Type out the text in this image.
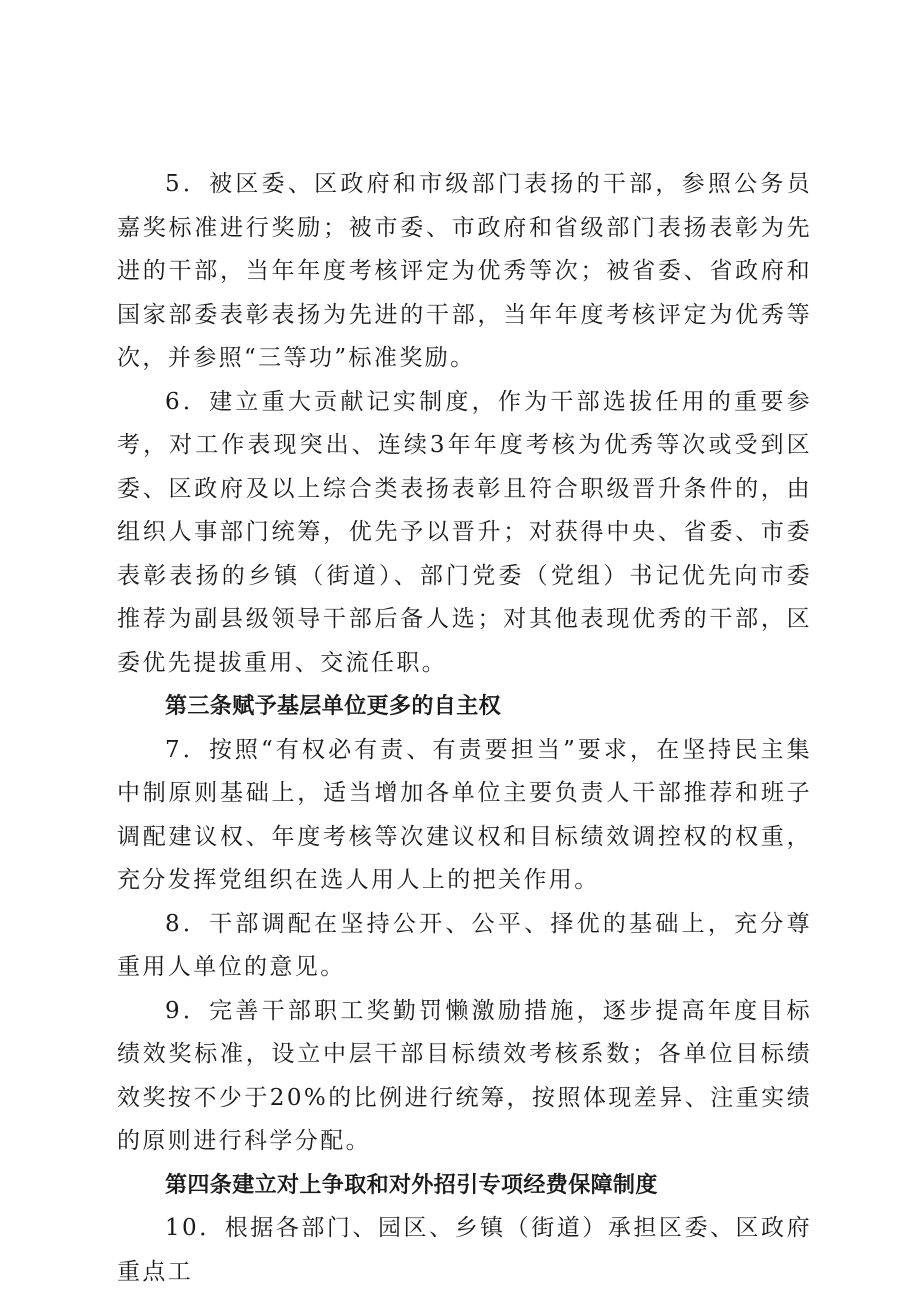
5．被区委、区政府和市级部门表扬的干部，参照公务员嘉奖标准进行奖励；被市委、市政府和省级部门表扬表彰为先进的干部，当年年度考核评定为优秀等次；被省委、省政府和国家部委表彰表扬为先进的干部，当年年度考核评定为优秀等次，并参照“三等功”标准奖励。

6．建立重大贡献记实制度，作为干部选拔任用的重要参考，对工作表现突出、连续3年年度考核为优秀等次或受到区委、区政府及以上综合类表扬表彰且符合职级晋升条件的，由组织人事部门统筹，优先予以晋升；对获得中央、省委、市委表彰表扬的乡镇（街道）、部门党委（党组）书记优先向市委推荐为副县级领导干部后备人选；对其他表现优秀的干部，区委优先提拔重用、交流任职。

第三条赋予基层单位更多的自主权

7．按照“有权必有责、有责要担当”要求，在坚持民主集中制原则基础上，适当增加各单位主要负责人干部推荐和班子调配建议权、年度考核等次建议权和目标绩效调控权的权重，充分发挥党组织在选人用人上的把关作用。

8．干部调配在坚持公开、公平、择优的基础上，充分尊重用人单位的意见。

9．完善干部职工奖勤罚懒激励措施，逐步提高年度目标绩效奖标准，设立中层干部目标绩效考核系数；各单位目标绩效奖按不少于20%的比例进行统筹，按照体现差异、注重实绩的原则进行科学分配。

第四条建立对上争取和对外招引专项经费保障制度

10．根据各部门、园区、乡镇（街道）承担区委、区政府重点工
